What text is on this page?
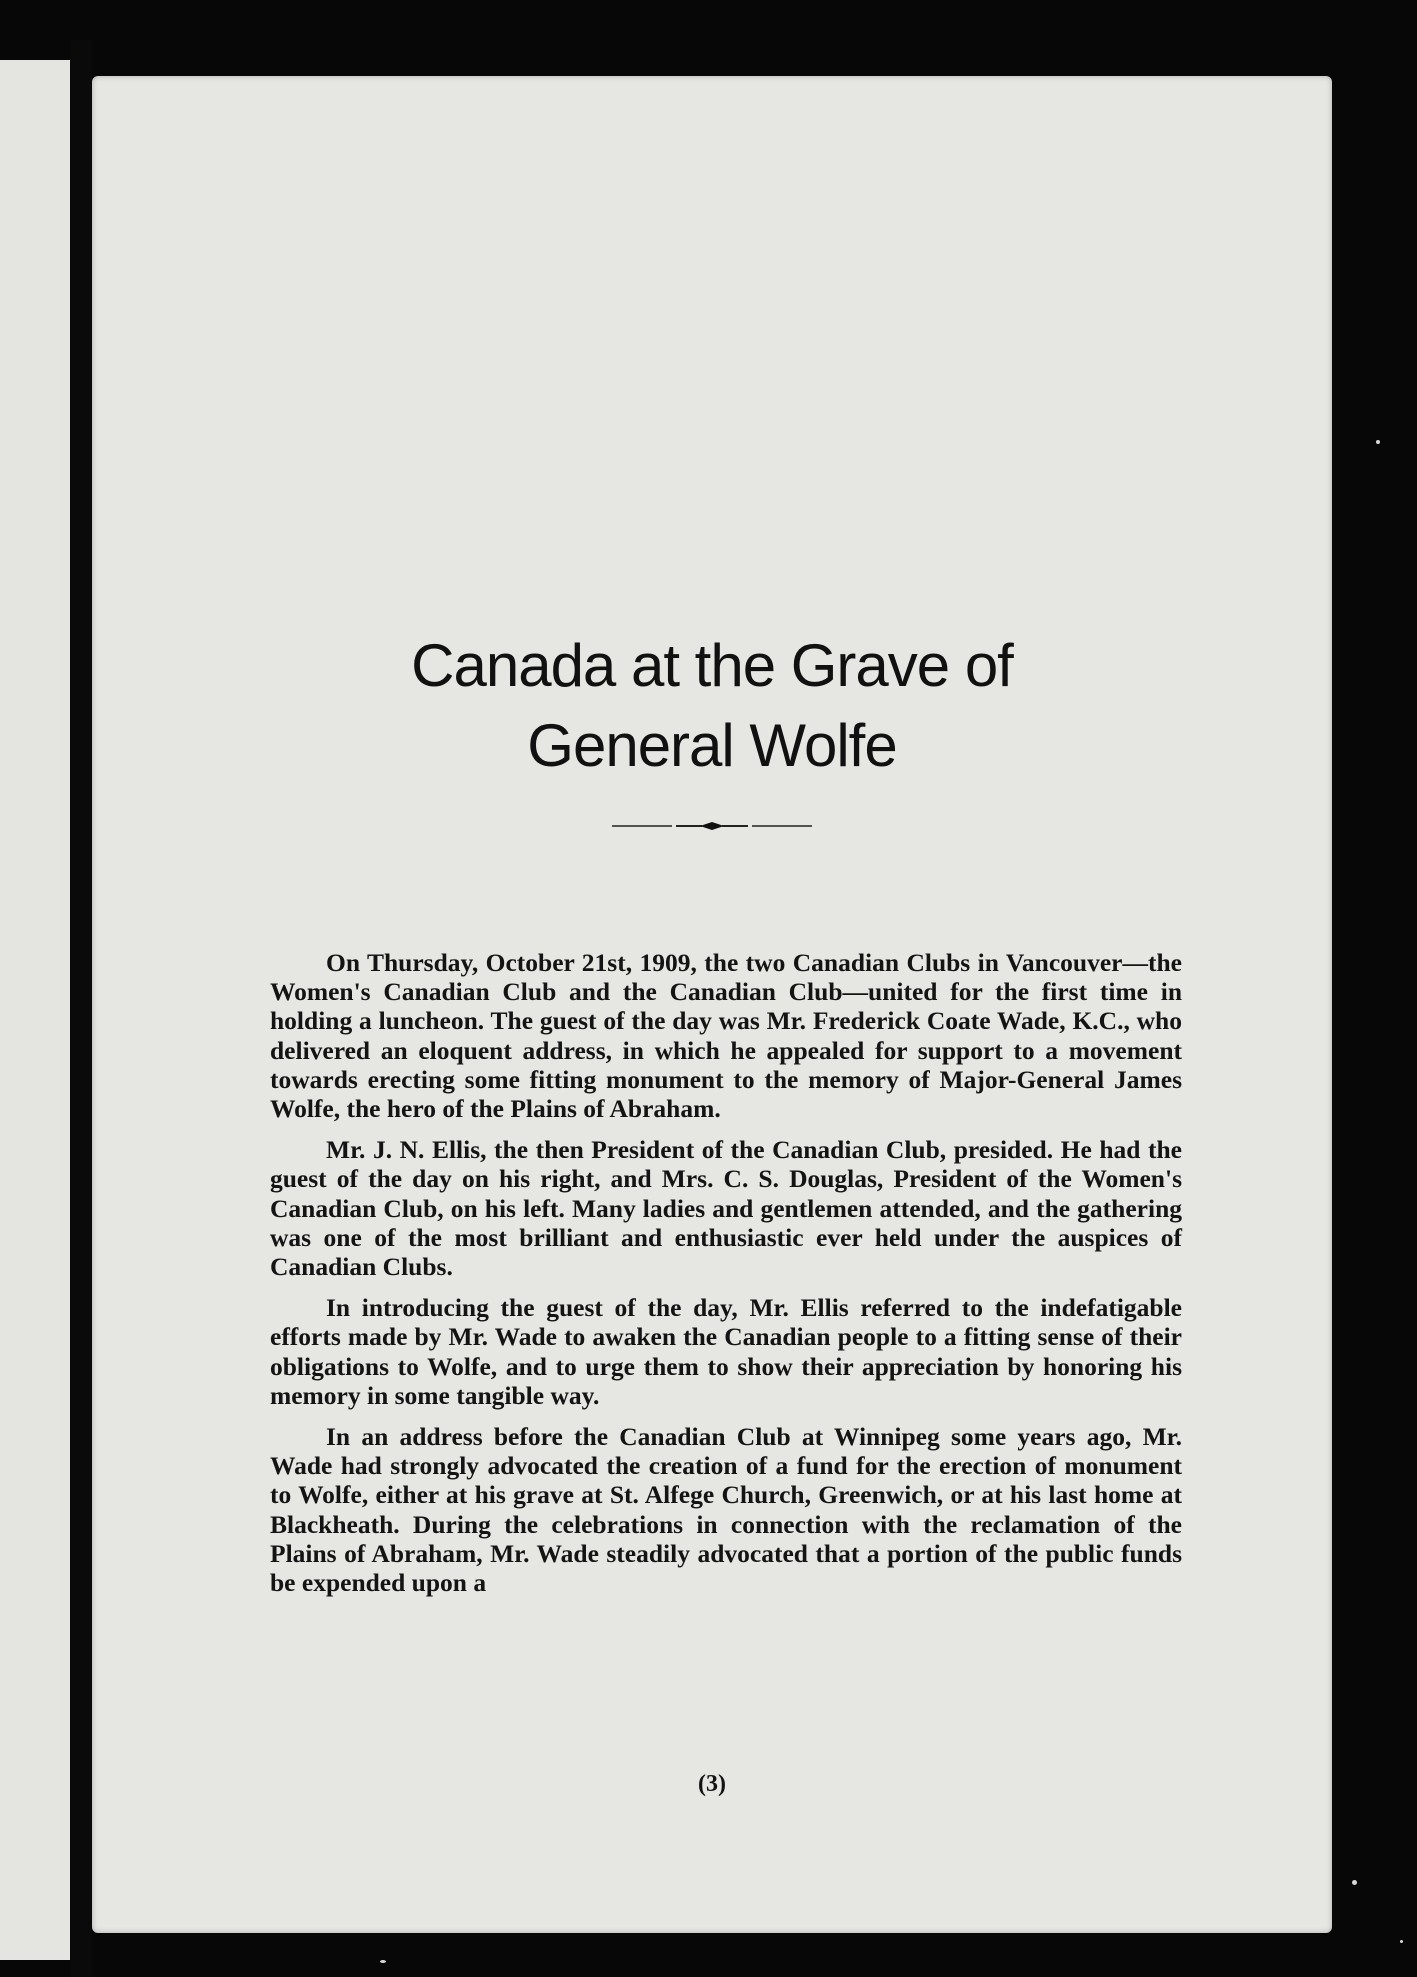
Canada at the Grave of
General Wolfe

On Thursday, October 21st, 1909, the two Canadian Clubs in Vancouver—the Women's Canadian Club and the Canadian Club—united for the first time in holding a luncheon. The guest of the day was Mr. Frederick Coate Wade, K.C., who delivered an eloquent address, in which he appealed for support to a movement towards erecting some fitting monument to the memory of Major-General James Wolfe, the hero of the Plains of Abraham.

Mr. J. N. Ellis, the then President of the Canadian Club, presided. He had the guest of the day on his right, and Mrs. C. S. Douglas, President of the Women's Canadian Club, on his left. Many ladies and gentlemen attended, and the gathering was one of the most brilliant and enthusiastic ever held under the auspices of Canadian Clubs.

In introducing the guest of the day, Mr. Ellis referred to the indefatigable efforts made by Mr. Wade to awaken the Canadian people to a fitting sense of their obligations to Wolfe, and to urge them to show their appreciation by honoring his memory in some tangible way.

In an address before the Canadian Club at Winnipeg some years ago, Mr. Wade had strongly advocated the creation of a fund for the erection of monument to Wolfe, either at his grave at St. Alfege Church, Greenwich, or at his last home at Blackheath. During the celebrations in connection with the reclamation of the Plains of Abraham, Mr. Wade steadily advocated that a portion of the public funds be expended upon a

(3)
